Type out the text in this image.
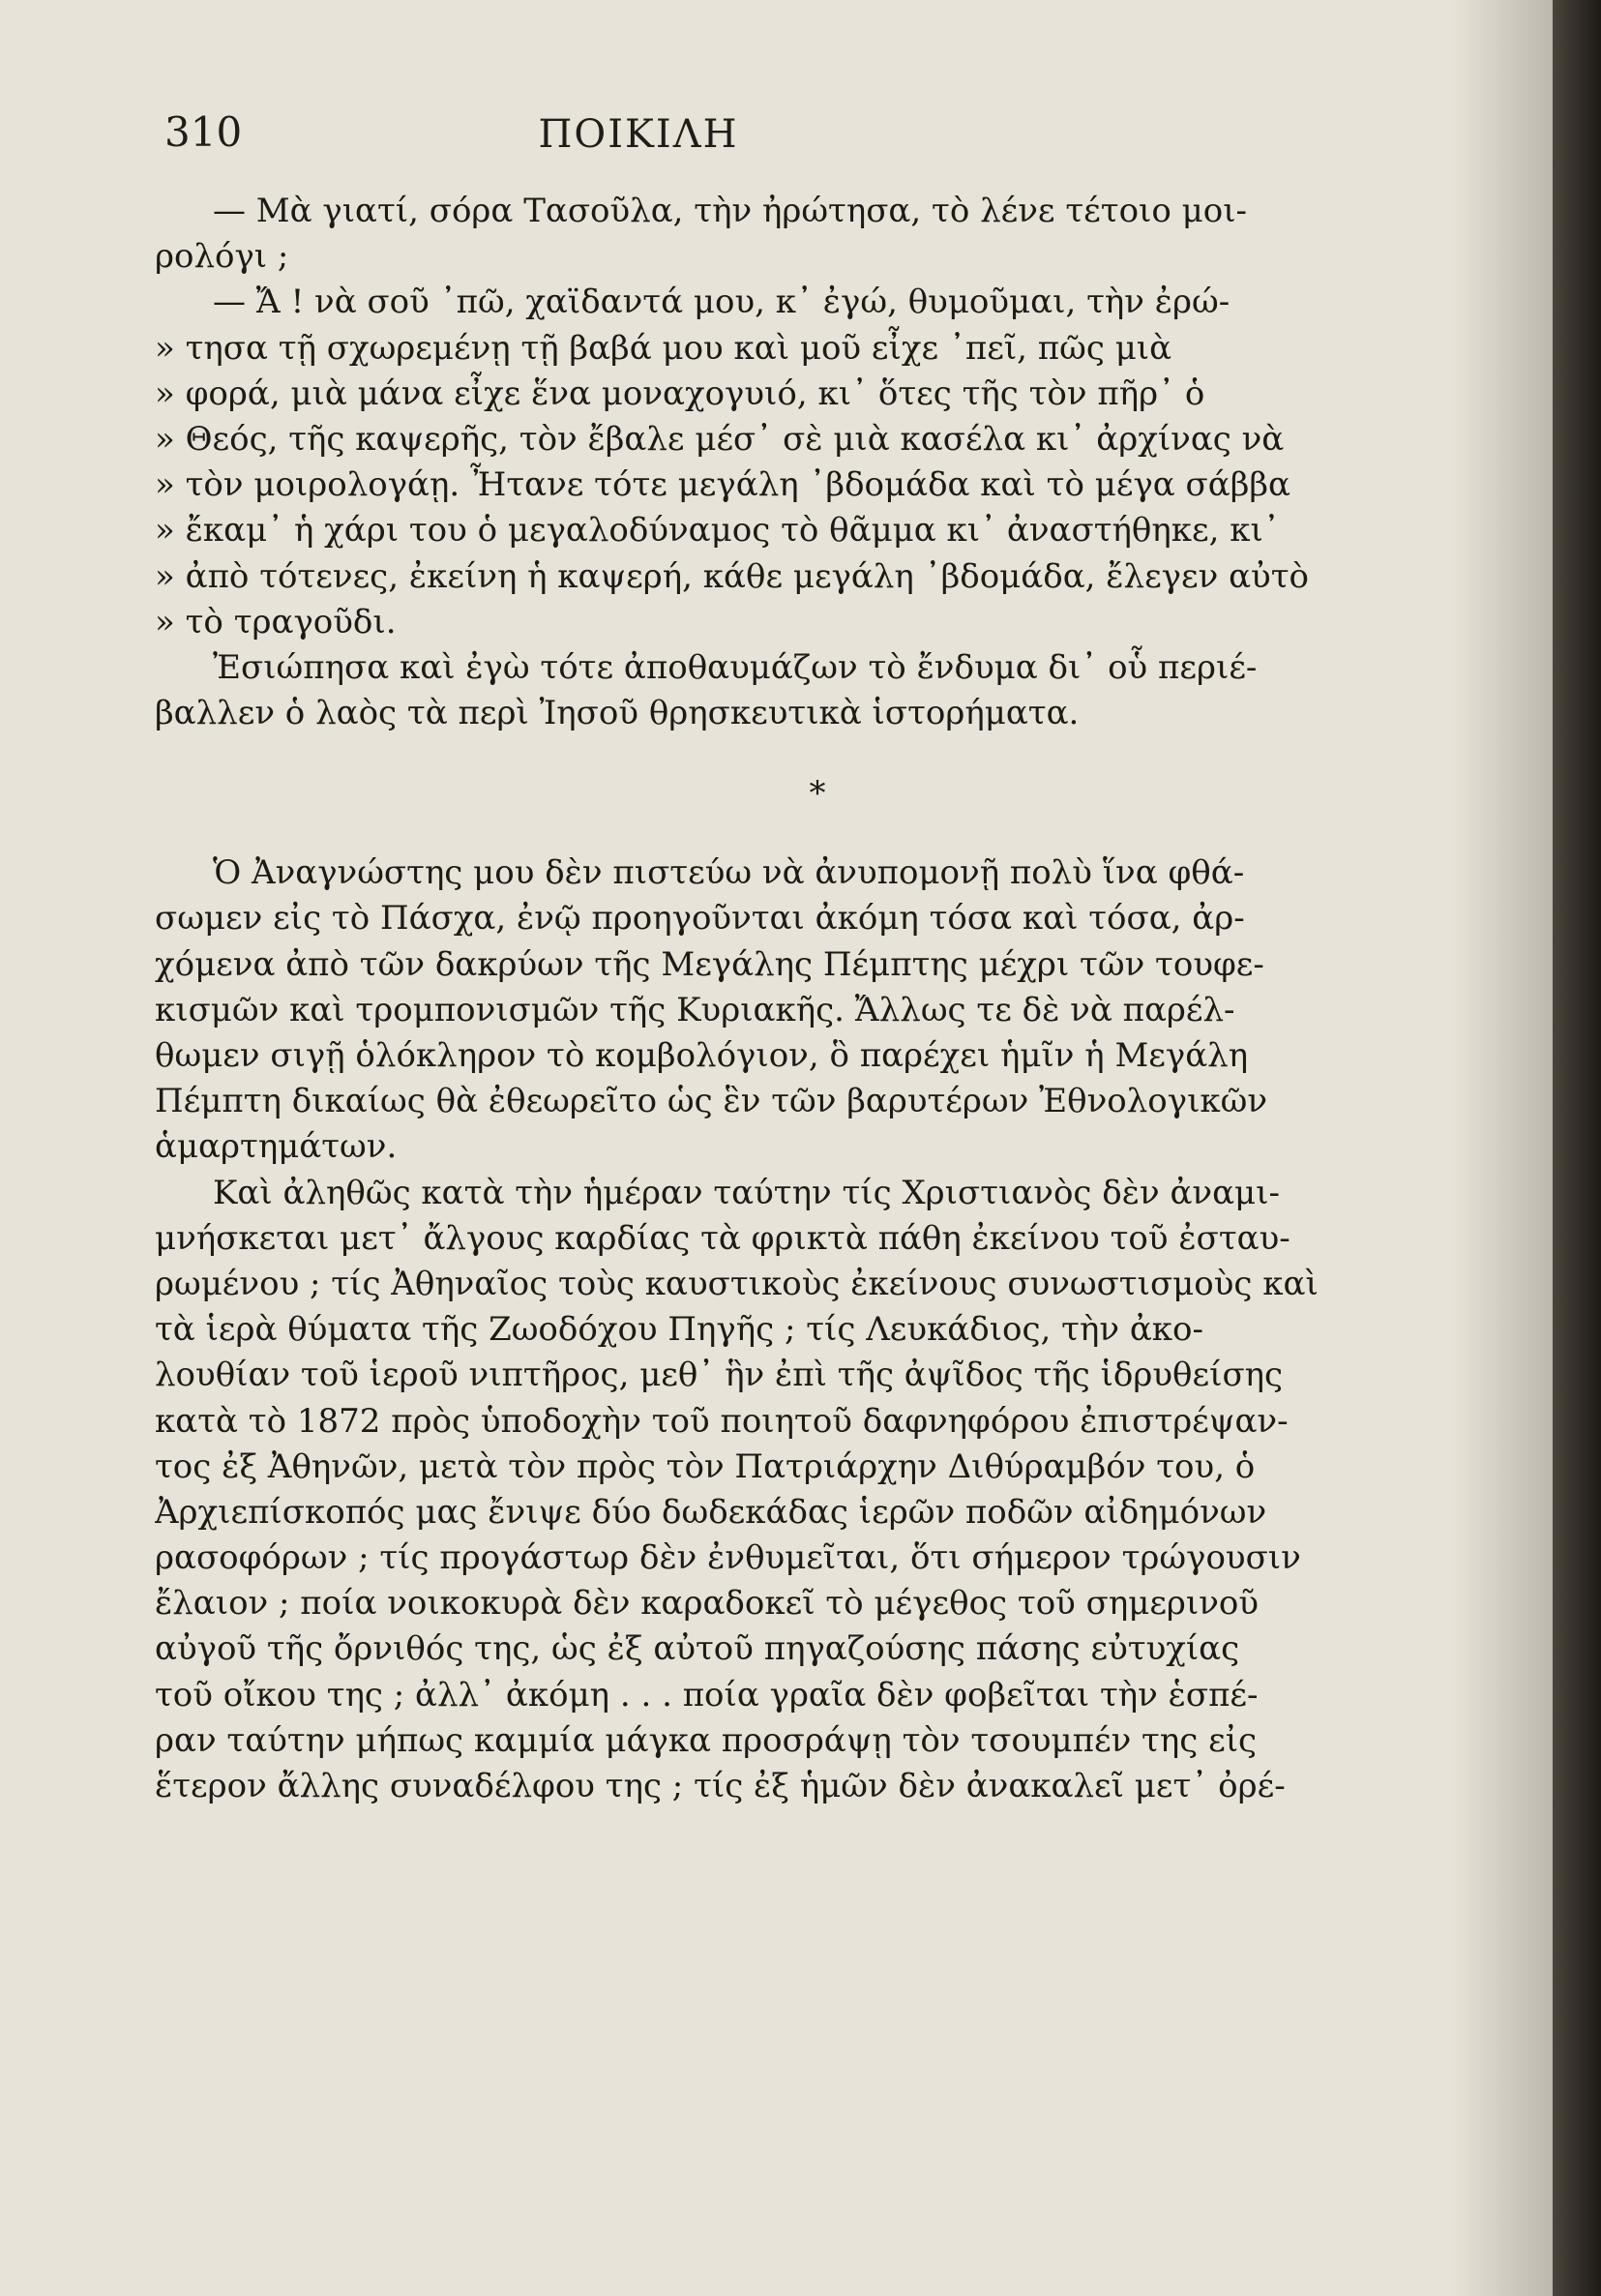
310	ΠΟΙΚΙΛΗ
— Μὰ γιατί, σόρα Τασοῦλα, τὴν ἠρώτησα, τὸ λένε τέτοιο μοι-
ρολόγι ;
— Ἄ ! νὰ σοῦ ᾿πῶ, χαϊδαντά μου, κ᾿ ἐγώ, θυμοῦμαι, τὴν ἐρώ-
» τησα τῇ σχωρεμένῃ τῇ βαβά μου καὶ μοῦ εἶχε ᾿πεῖ, πῶς μιὰ
» φορά, μιὰ μάνα εἶχε ἕνα μοναχογυιό, κι᾿ ὅτες τῆς τὸν πῆρ᾿ ὁ
» Θεός, τῆς καψερῆς, τὸν ἔβαλε μέσ᾿ σὲ μιὰ κασέλα κι᾿ ἀρχίνας νὰ
» τὸν μοιρολογάῃ. Ἦτανε τότε μεγάλη ᾿βδομάδα καὶ τὸ μέγα σάββα
» ἔκαμ᾿ ἡ χάρι του ὁ μεγαλοδύναμος τὸ θᾶμμα κι᾿ ἀναστήθηκε, κι᾿
» ἀπὸ τότενες, ἐκείνη ἡ καψερή, κάθε μεγάλη ᾿βδομάδα, ἔλεγεν αὐτὸ
» τὸ τραγοῦδι.
Ἐσιώπησα καὶ ἐγὼ τότε ἀποθαυμάζων τὸ ἔνδυμα δι᾿ οὗ περιέ-
βαλλεν ὁ λαὸς τὰ περὶ Ἰησοῦ θρησκευτικὰ ἱστορήματα.
*
Ὁ Ἀναγνώστης μου δὲν πιστεύω νὰ ἀνυπομονῇ πολὺ ἵνα φθά-
σωμεν εἰς τὸ Πάσχα, ἐνῷ προηγοῦνται ἀκόμη τόσα καὶ τόσα, ἀρ-
χόμενα ἀπὸ τῶν δακρύων τῆς Μεγάλης Πέμπτης μέχρι τῶν τουφε-
κισμῶν καὶ τρομπονισμῶν τῆς Κυριακῆς. Ἄλλως τε δὲ νὰ παρέλ-
θωμεν σιγῇ ὁλόκληρον τὸ κομβολόγιον, ὃ παρέχει ἡμῖν ἡ Μεγάλη
Πέμπτη δικαίως θὰ ἐθεωρεῖτο ὡς ἓν τῶν βαρυτέρων Ἐθνολογικῶν
ἁμαρτημάτων.
Καὶ ἀληθῶς κατὰ τὴν ἡμέραν ταύτην τίς Χριστιανὸς δὲν ἀναμι-
μνήσκεται μετ᾿ ἄλγους καρδίας τὰ φρικτὰ πάθη ἐκείνου τοῦ ἐσταυ-
ρωμένου ; τίς Ἀθηναῖος τοὺς καυστικοὺς ἐκείνους συνωστισμοὺς καὶ
τὰ ἱερὰ θύματα τῆς Ζωοδόχου Πηγῆς ; τίς Λευκάδιος, τὴν ἀκο-
λουθίαν τοῦ ἱεροῦ νιπτῆρος, μεθ᾿ ἣν ἐπὶ τῆς ἀψῖδος τῆς ἱδρυθείσης
κατὰ τὸ 1872 πρὸς ὑποδοχὴν τοῦ ποιητοῦ δαφνηφόρου ἐπιστρέψαν-
τος ἐξ Ἀθηνῶν, μετὰ τὸν πρὸς τὸν Πατριάρχην Διθύραμβόν του, ὁ
Ἀρχιεπίσκοπός μας ἔνιψε δύο δωδεκάδας ἱερῶν ποδῶν αἰδημόνων
ρασοφόρων ; τίς προγάστωρ δὲν ἐνθυμεῖται, ὅτι σήμερον τρώγουσιν
ἔλαιον ; ποία νοικοκυρὰ δὲν καραδοκεῖ τὸ μέγεθος τοῦ σημερινοῦ
αὐγοῦ τῆς ὄρνιθός της, ὡς ἐξ αὐτοῦ πηγαζούσης πάσης εὐτυχίας
τοῦ οἴκου της ; ἀλλ᾿ ἀκόμη . . . ποία γραῖα δὲν φοβεῖται τὴν ἑσπέ-
ραν ταύτην μήπως καμμία μάγκα προσράψῃ τὸν τσουμπέν της εἰς
ἕτερον ἄλλης συναδέλφου της ; τίς ἐξ ἡμῶν δὲν ἀνακαλεῖ μετ᾿ ὀρέ-
